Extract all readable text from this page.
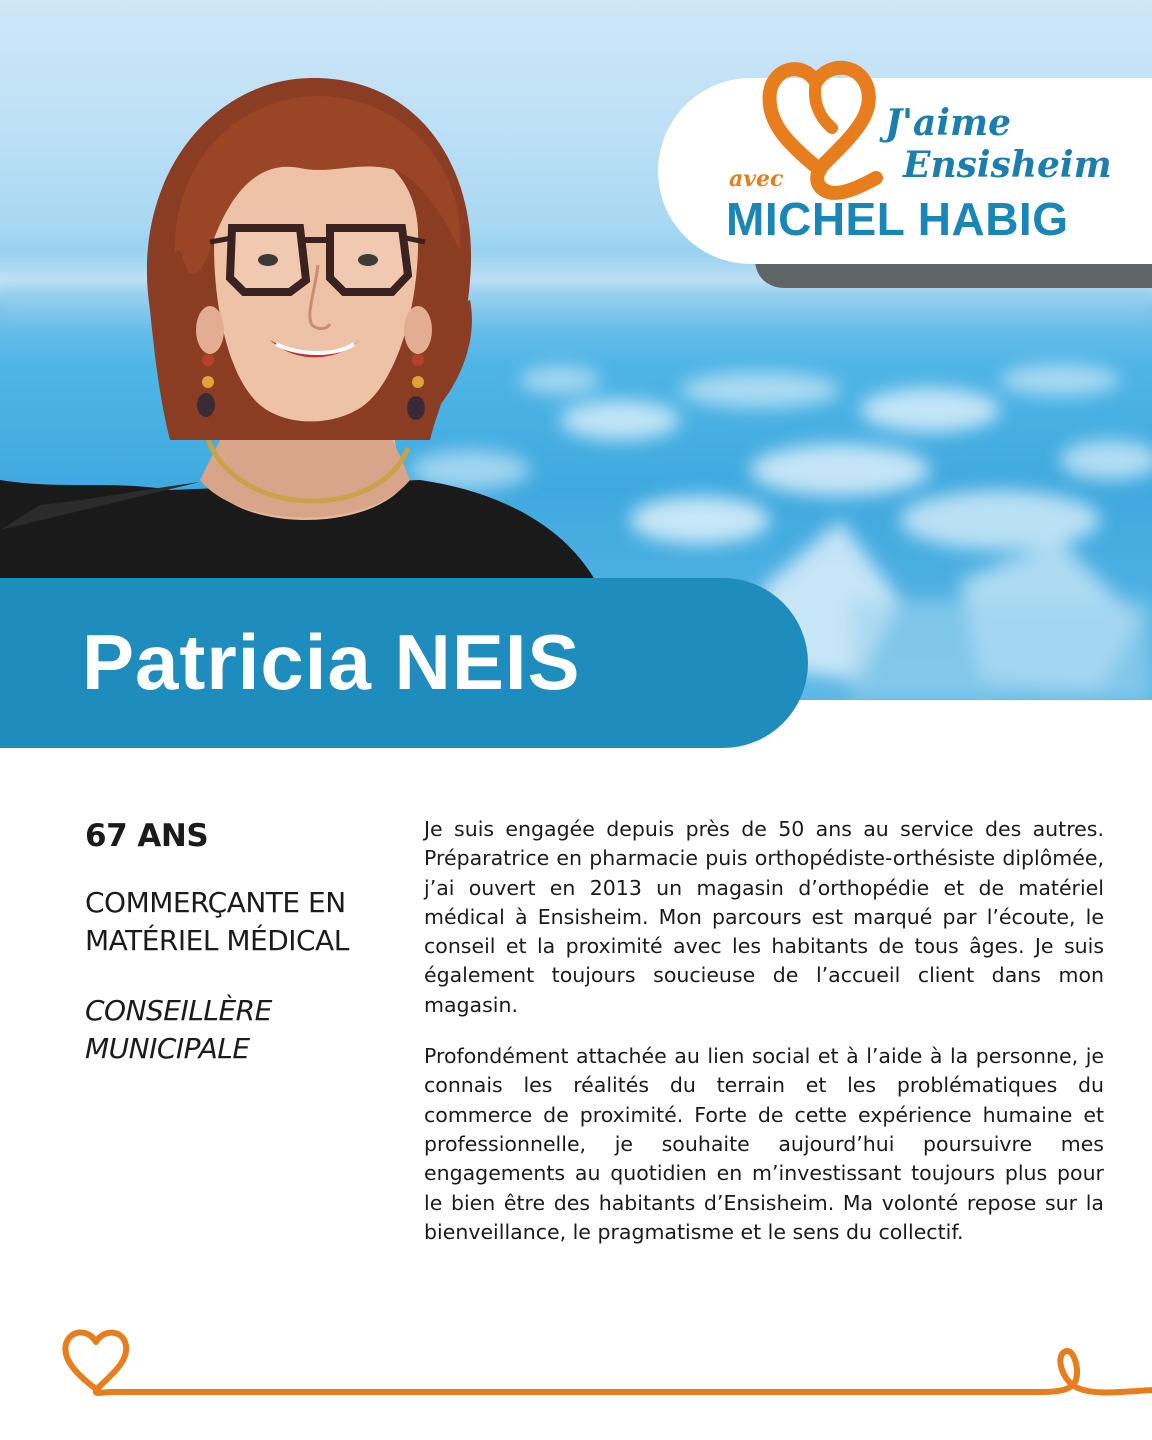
J'aime
Ensisheim
avec
MICHEL HABIG
Patricia NEIS
67 ANS
COMMERÇANTE EN MATÉRIEL MÉDICAL
CONSEILLÈRE MUNICIPALE

Je suis engagée depuis près de 50 ans au service des autres. Préparatrice en pharmacie puis orthopédiste-orthésiste diplômée, j’ai ouvert en 2013 un magasin d’orthopédie et de matériel médical à Ensisheim. Mon parcours est marqué par l’écoute, le conseil et la proximité avec les habitants de tous âges. Je suis également toujours soucieuse de l’accueil client dans mon magasin.

Profondément attachée au lien social et à l’aide à la personne, je connais les réalités du terrain et les problématiques du commerce de proximité. Forte de cette expérience humaine et professionnelle, je souhaite aujourd’hui poursuivre mes engagements au quotidien en m’investissant toujours plus pour le bien être des habitants d’Ensisheim. Ma volonté repose sur la bienveillance, le pragmatisme et le sens du collectif.
